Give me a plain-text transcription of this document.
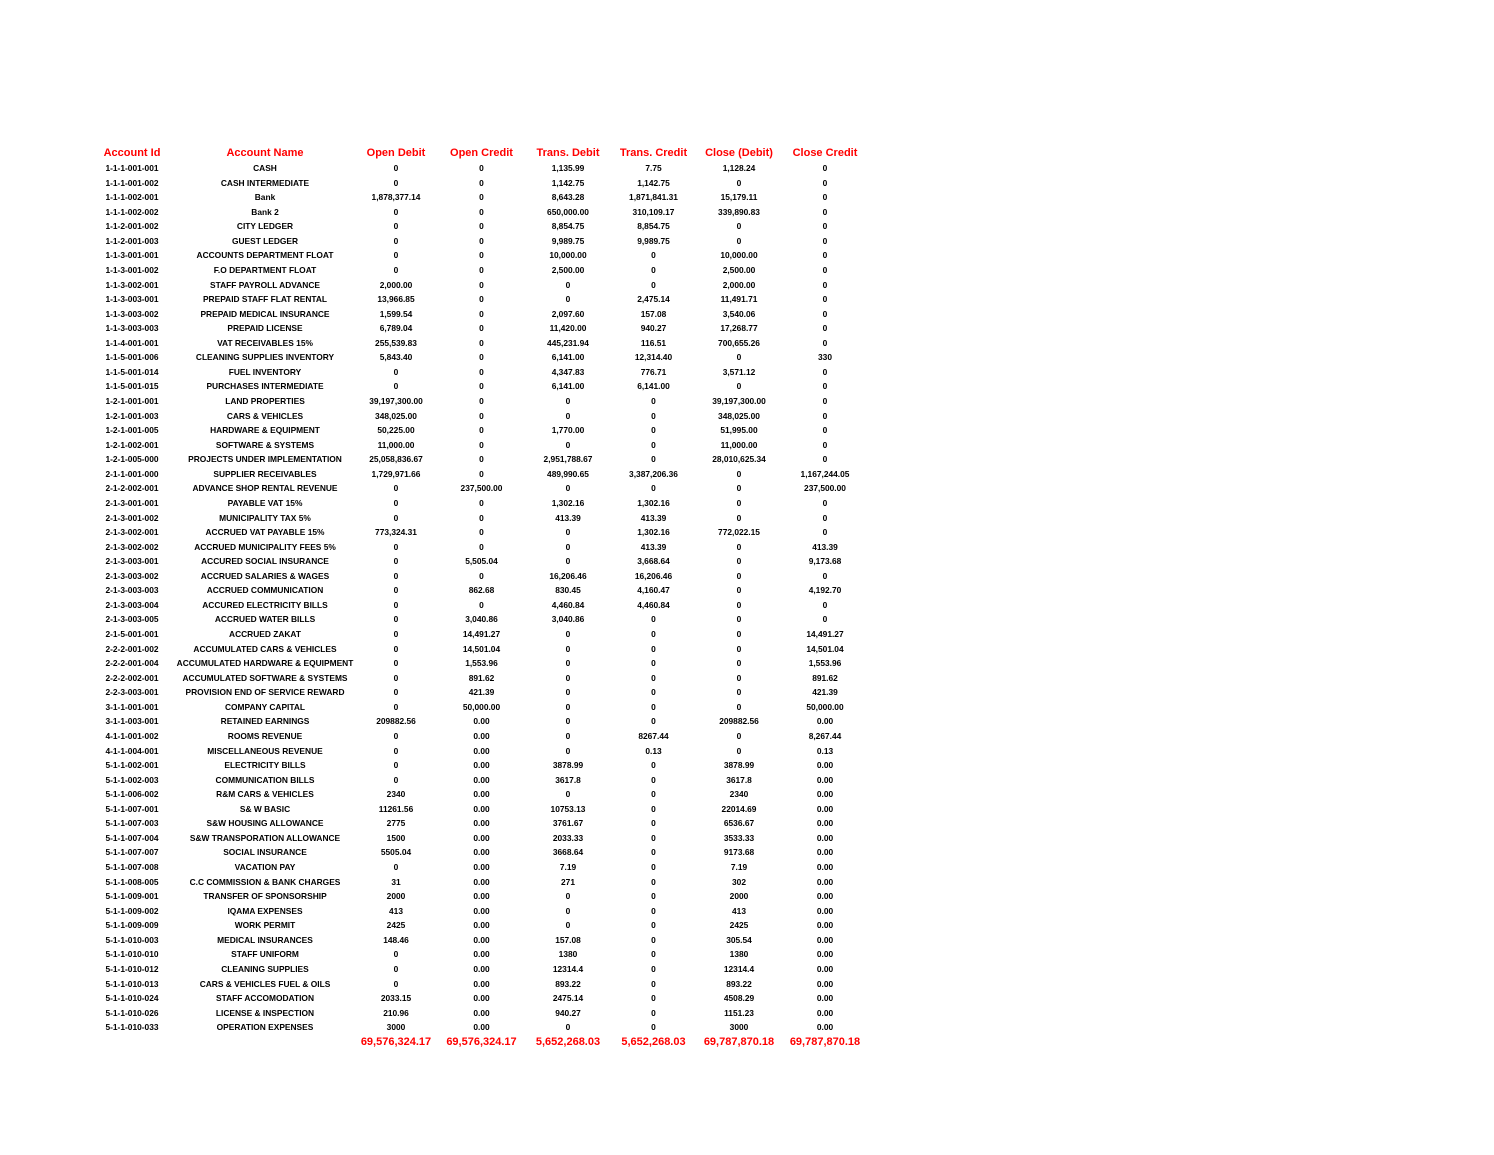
Account Id	Account Name	Open Debit	Open Credit	Trans. Debit	Trans. Credit	Close (Debit)	Close Credit
1-1-1-001-001	CASH	0	0	1,135.99	7.75	1,128.24	0
1-1-1-001-002	CASH INTERMEDIATE	0	0	1,142.75	1,142.75	0	0
1-1-1-002-001	Bank	1,878,377.14	0	8,643.28	1,871,841.31	15,179.11	0
1-1-1-002-002	Bank 2	0	0	650,000.00	310,109.17	339,890.83	0
1-1-2-001-002	CITY LEDGER	0	0	8,854.75	8,854.75	0	0
1-1-2-001-003	GUEST LEDGER	0	0	9,989.75	9,989.75	0	0
1-1-3-001-001	ACCOUNTS DEPARTMENT FLOAT	0	0	10,000.00	0	10,000.00	0
1-1-3-001-002	F.O DEPARTMENT FLOAT	0	0	2,500.00	0	2,500.00	0
1-1-3-002-001	STAFF PAYROLL ADVANCE	2,000.00	0	0	0	2,000.00	0
1-1-3-003-001	PREPAID STAFF FLAT RENTAL	13,966.85	0	0	2,475.14	11,491.71	0
1-1-3-003-002	PREPAID MEDICAL INSURANCE	1,599.54	0	2,097.60	157.08	3,540.06	0
1-1-3-003-003	PREPAID LICENSE	6,789.04	0	11,420.00	940.27	17,268.77	0
1-1-4-001-001	VAT RECEIVABLES 15%	255,539.83	0	445,231.94	116.51	700,655.26	0
1-1-5-001-006	CLEANING SUPPLIES INVENTORY	5,843.40	0	6,141.00	12,314.40	0	330
1-1-5-001-014	FUEL INVENTORY	0	0	4,347.83	776.71	3,571.12	0
1-1-5-001-015	PURCHASES INTERMEDIATE	0	0	6,141.00	6,141.00	0	0
1-2-1-001-001	LAND PROPERTIES	39,197,300.00	0	0	0	39,197,300.00	0
1-2-1-001-003	CARS & VEHICLES	348,025.00	0	0	0	348,025.00	0
1-2-1-001-005	HARDWARE & EQUIPMENT	50,225.00	0	1,770.00	0	51,995.00	0
1-2-1-002-001	SOFTWARE & SYSTEMS	11,000.00	0	0	0	11,000.00	0
1-2-1-005-000	PROJECTS UNDER IMPLEMENTATION	25,058,836.67	0	2,951,788.67	0	28,010,625.34	0
2-1-1-001-000	SUPPLIER RECEIVABLES	1,729,971.66	0	489,990.65	3,387,206.36	0	1,167,244.05
2-1-2-002-001	ADVANCE SHOP RENTAL REVENUE	0	237,500.00	0	0	0	237,500.00
2-1-3-001-001	PAYABLE VAT 15%	0	0	1,302.16	1,302.16	0	0
2-1-3-001-002	MUNICIPALITY TAX 5%	0	0	413.39	413.39	0	0
2-1-3-002-001	ACCRUED VAT PAYABLE 15%	773,324.31	0	0	1,302.16	772,022.15	0
2-1-3-002-002	ACCRUED MUNICIPALITY FEES 5%	0	0	0	413.39	0	413.39
2-1-3-003-001	ACCURED SOCIAL INSURANCE	0	5,505.04	0	3,668.64	0	9,173.68
2-1-3-003-002	ACCRUED SALARIES & WAGES	0	0	16,206.46	16,206.46	0	0
2-1-3-003-003	ACCRUED COMMUNICATION	0	862.68	830.45	4,160.47	0	4,192.70
2-1-3-003-004	ACCURED ELECTRICITY BILLS	0	0	4,460.84	4,460.84	0	0
2-1-3-003-005	ACCRUED WATER BILLS	0	3,040.86	3,040.86	0	0	0
2-1-5-001-001	ACCRUED ZAKAT	0	14,491.27	0	0	0	14,491.27
2-2-2-001-002	ACCUMULATED CARS & VEHICLES	0	14,501.04	0	0	0	14,501.04
2-2-2-001-004	ACCUMULATED HARDWARE & EQUIPMENT	0	1,553.96	0	0	0	1,553.96
2-2-2-002-001	ACCUMULATED SOFTWARE & SYSTEMS	0	891.62	0	0	0	891.62
2-2-3-003-001	PROVISION END OF SERVICE REWARD	0	421.39	0	0	0	421.39
3-1-1-001-001	COMPANY CAPITAL	0	50,000.00	0	0	0	50,000.00
3-1-1-003-001	RETAINED EARNINGS	209882.56	0.00	0	0	209882.56	0.00
4-1-1-001-002	ROOMS REVENUE	0	0.00	0	8267.44	0	8,267.44
4-1-1-004-001	MISCELLANEOUS REVENUE	0	0.00	0	0.13	0	0.13
5-1-1-002-001	ELECTRICITY BILLS	0	0.00	3878.99	0	3878.99	0.00
5-1-1-002-003	COMMUNICATION BILLS	0	0.00	3617.8	0	3617.8	0.00
5-1-1-006-002	R&M CARS & VEHICLES	2340	0.00	0	0	2340	0.00
5-1-1-007-001	S& W BASIC	11261.56	0.00	10753.13	0	22014.69	0.00
5-1-1-007-003	S&W HOUSING ALLOWANCE	2775	0.00	3761.67	0	6536.67	0.00
5-1-1-007-004	S&W TRANSPORATION ALLOWANCE	1500	0.00	2033.33	0	3533.33	0.00
5-1-1-007-007	SOCIAL INSURANCE	5505.04	0.00	3668.64	0	9173.68	0.00
5-1-1-007-008	VACATION PAY	0	0.00	7.19	0	7.19	0.00
5-1-1-008-005	C.C COMMISSION & BANK CHARGES	31	0.00	271	0	302	0.00
5-1-1-009-001	TRANSFER OF SPONSORSHIP	2000	0.00	0	0	2000	0.00
5-1-1-009-002	IQAMA EXPENSES	413	0.00	0	0	413	0.00
5-1-1-009-009	WORK PERMIT	2425	0.00	0	0	2425	0.00
5-1-1-010-003	MEDICAL INSURANCES	148.46	0.00	157.08	0	305.54	0.00
5-1-1-010-010	STAFF UNIFORM	0	0.00	1380	0	1380	0.00
5-1-1-010-012	CLEANING SUPPLIES	0	0.00	12314.4	0	12314.4	0.00
5-1-1-010-013	CARS & VEHICLES FUEL & OILS	0	0.00	893.22	0	893.22	0.00
5-1-1-010-024	STAFF ACCOMODATION	2033.15	0.00	2475.14	0	4508.29	0.00
5-1-1-010-026	LICENSE & INSPECTION	210.96	0.00	940.27	0	1151.23	0.00
5-1-1-010-033	OPERATION EXPENSES	3000	0.00	0	0	3000	0.00
		69,576,324.17	69,576,324.17	5,652,268.03	5,652,268.03	69,787,870.18	69,787,870.18
